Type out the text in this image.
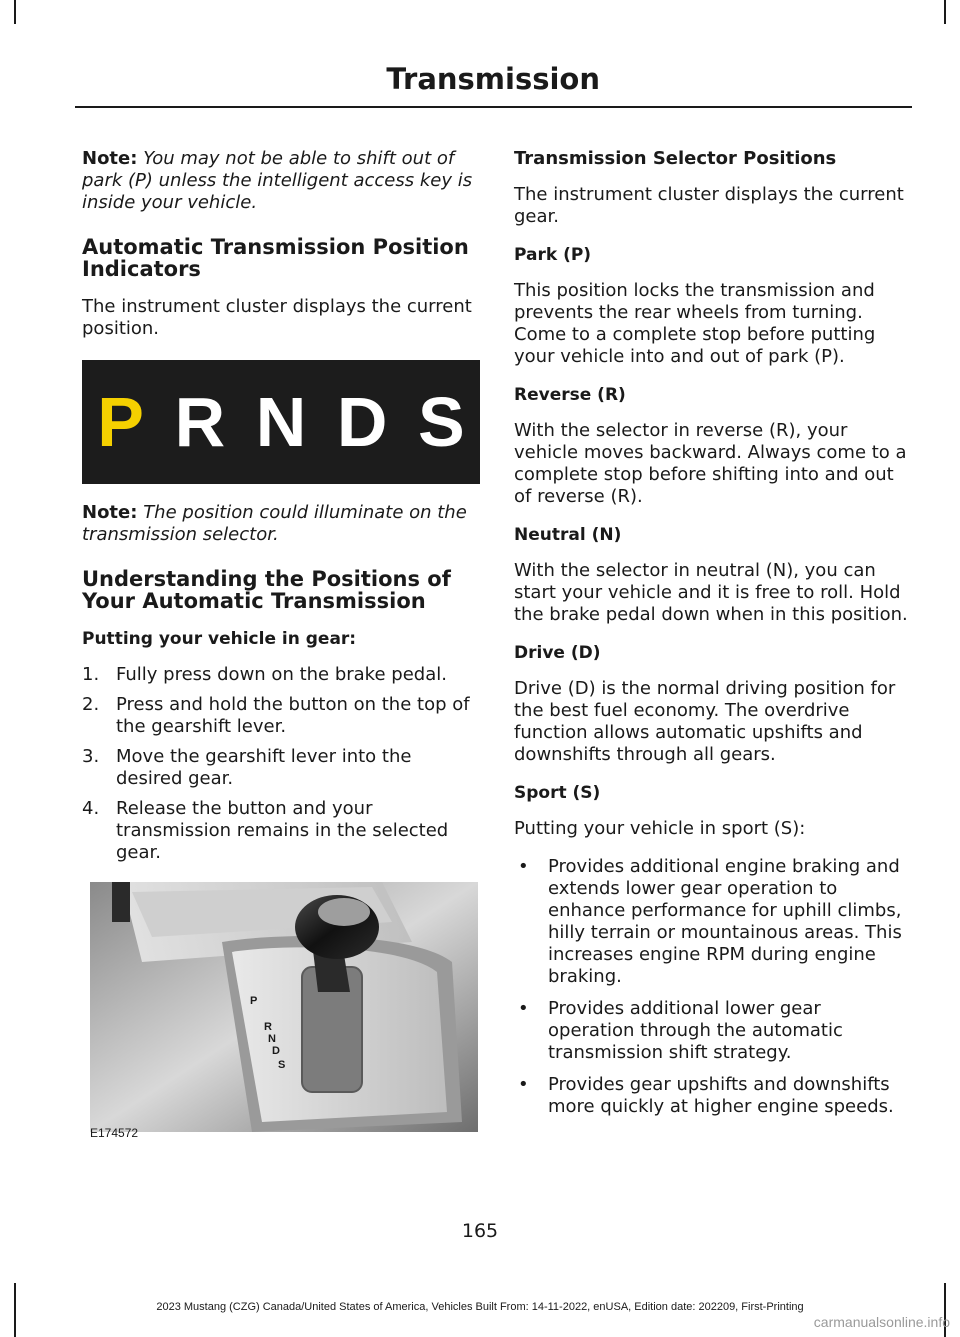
Transmission

Note: You may not be able to shift out of park (P) unless the intelligent access key is inside your vehicle.

Automatic Transmission Position Indicators

The instrument cluster displays the current position.

P R N D S

Note: The position could illuminate on the transmission selector.

Understanding the Positions of Your Automatic Transmission
Putting your vehicle in gear:
1. Fully press down on the brake pedal.
2. Press and hold the button on the top of the gearshift lever.
3. Move the gearshift lever into the desired gear.
4. Release the button and your transmission remains in the selected gear.
P
R
N
D
S
E174572
Transmission Selector Positions

The instrument cluster displays the current gear.

Park (P)

This position locks the transmission and prevents the rear wheels from turning. Come to a complete stop before putting your vehicle into and out of park (P).

Reverse (R)

With the selector in reverse (R), your vehicle moves backward. Always come to a complete stop before shifting into and out of reverse (R).

Neutral (N)

With the selector in neutral (N), you can start your vehicle and it is free to roll. Hold the brake pedal down when in this position.

Drive (D)

Drive (D) is the normal driving position for the best fuel economy. The overdrive function allows automatic upshifts and downshifts through all gears.

Sport (S)

Putting your vehicle in sport (S):

• Provides additional engine braking and extends lower gear operation to enhance performance for uphill climbs, hilly terrain or mountainous areas. This increases engine RPM during engine braking.
• Provides additional lower gear operation through the automatic transmission shift strategy.
• Provides gear upshifts and downshifts more quickly at higher engine speeds.
165
2023 Mustang (CZG) Canada/United States of America, Vehicles Built From: 14-11-2022, enUSA, Edition date: 202209, First-Printing
carmanualsonline.info
